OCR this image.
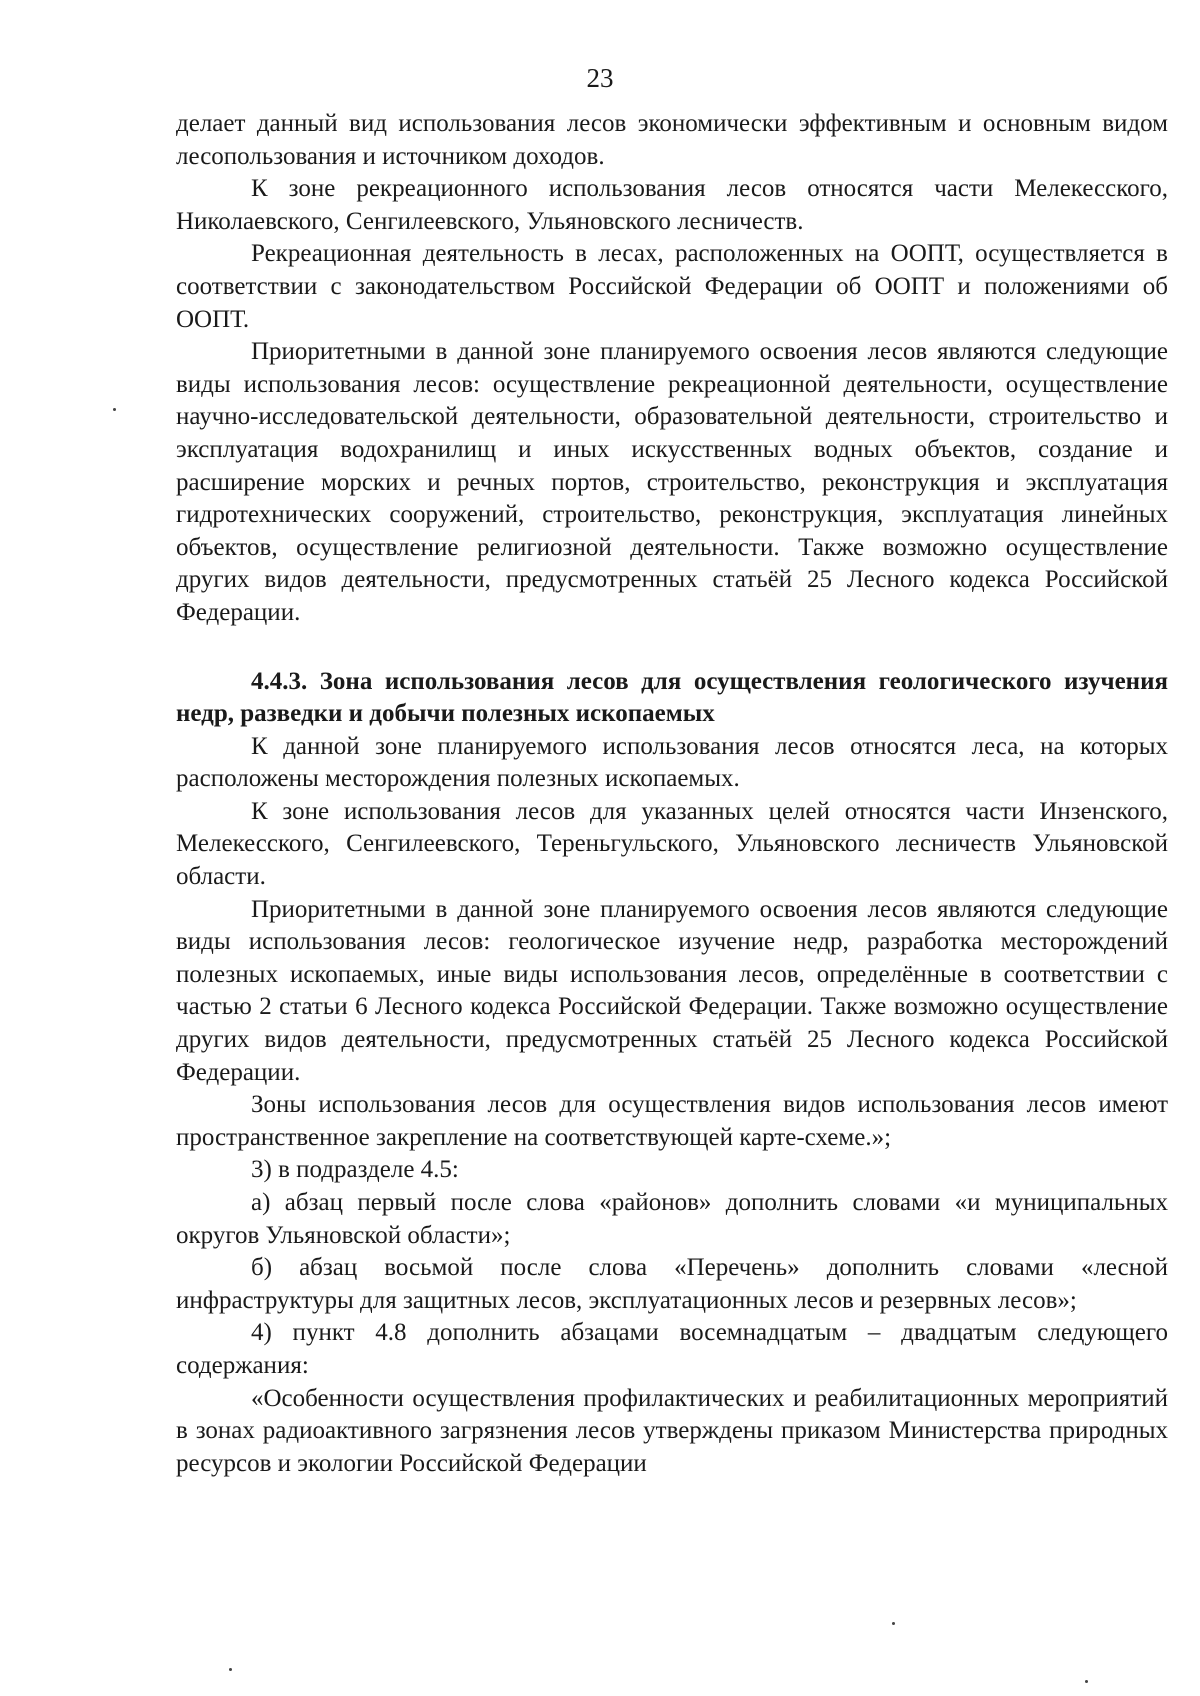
23

делает данный вид использования лесов экономически эффективным и основным видом лесопользования и источником доходов.

К зоне рекреационного использования лесов относятся части Мелекесского, Николаевского, Сенгилеевского, Ульяновского лесничеств.

Рекреационная деятельность в лесах, расположенных на ООПТ, осуществляется в соответствии с законодательством Российской Федерации об ООПТ и положениями об ООПТ.

Приоритетными в данной зоне планируемого освоения лесов являются следующие виды использования лесов: осуществление рекреационной деятельности, осуществление научно-исследовательской деятельности, образовательной деятельности, строительство и эксплуатация водохранилищ и иных искусственных водных объектов, создание и расширение морских и речных портов, строительство, реконструкция и эксплуатация гидротехнических сооружений, строительство, реконструкция, эксплуатация линейных объектов, осуществление религиозной деятельности. Также возможно осуществление других видов деятельности, предусмотренных статьёй 25 Лесного кодекса Российской Федерации.

4.4.3. Зона использования лесов для осуществления геологического изучения недр, разведки и добычи полезных ископаемых

К данной зоне планируемого использования лесов относятся леса, на которых расположены месторождения полезных ископаемых.

К зоне использования лесов для указанных целей относятся части Инзенского, Мелекесского, Сенгилеевского, Тереньгульского, Ульяновского лесничеств Ульяновской области.

Приоритетными в данной зоне планируемого освоения лесов являются следующие виды использования лесов: геологическое изучение недр, разработка месторождений полезных ископаемых, иные виды использования лесов, определённые в соответствии с частью 2 статьи 6 Лесного кодекса Российской Федерации. Также возможно осуществление других видов деятельности, предусмотренных статьёй 25 Лесного кодекса Российской Федерации.

Зоны использования лесов для осуществления видов использования лесов имеют пространственное закрепление на соответствующей карте-схеме.»;

3) в подразделе 4.5:

а) абзац первый после слова «районов» дополнить словами «и муниципальных округов Ульяновской области»;

б) абзац восьмой после слова «Перечень» дополнить словами «лесной инфраструктуры для защитных лесов, эксплуатационных лесов и резервных лесов»;

4) пункт 4.8 дополнить абзацами восемнадцатым – двадцатым следующего содержания:

«Особенности осуществления профилактических и реабилитационных мероприятий в зонах радиоактивного загрязнения лесов утверждены приказом Министерства природных ресурсов и экологии Российской Федерации
